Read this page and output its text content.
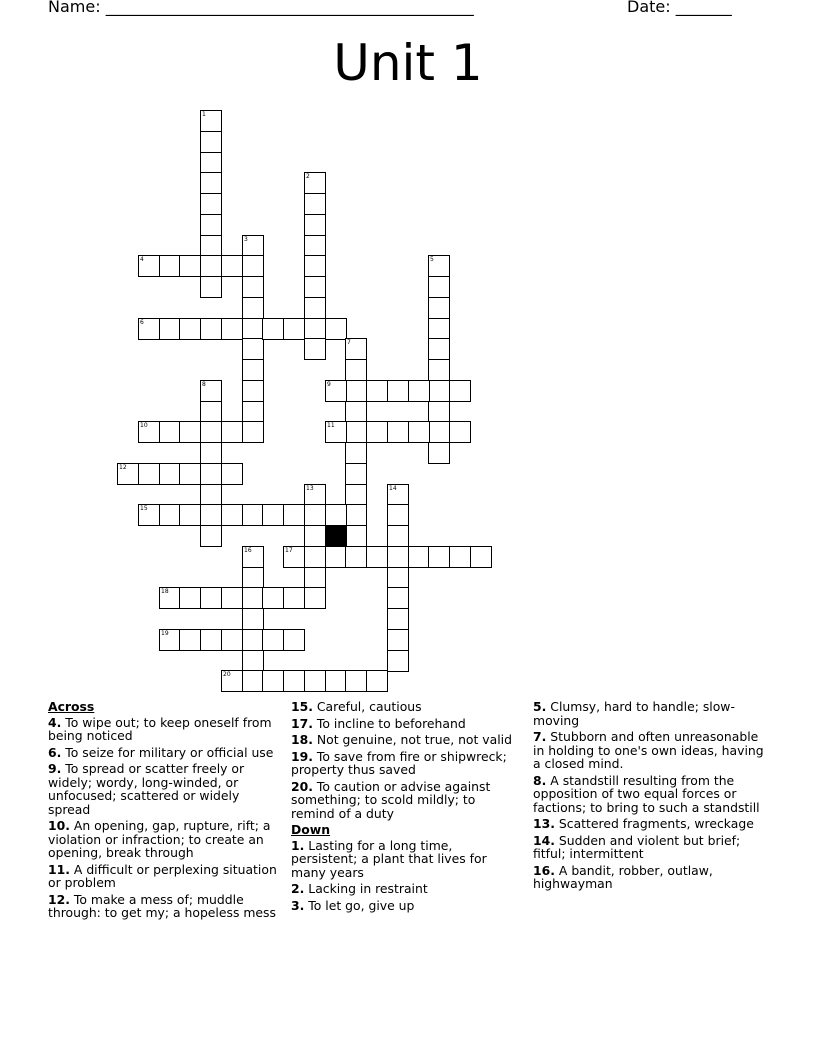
Name: ______________________________________________	Date: _______
Unit 1
1
2
3
4	5
6
7
8	9
10	11
12
13	14
15
16	17
18
19
20
Across
4. To wipe out; to keep oneself from being noticed
6. To seize for military or official use
9. To spread or scatter freely or widely; wordy, long-winded, or unfocused; scattered or widely spread
10. An opening, gap, rupture, rift; a violation or infraction; to create an opening, break through
11. A difficult or perplexing situation or problem
12. To make a mess of; muddle through: to get my; a hopeless mess
15. Careful, cautious
17. To incline to beforehand
18. Not genuine, not true, not valid
19. To save from fire or shipwreck; property thus saved
20. To caution or advise against something; to scold mildly; to remind of a duty
Down
1. Lasting for a long time, persistent; a plant that lives for many years
2. Lacking in restraint
3. To let go, give up
5. Clumsy, hard to handle; slow-moving
7. Stubborn and often unreasonable in holding to one's own ideas, having a closed mind.
8. A standstill resulting from the opposition of two equal forces or factions; to bring to such a standstill
13. Scattered fragments, wreckage
14. Sudden and violent but brief; fitful; intermittent
16. A bandit, robber, outlaw, highwayman
